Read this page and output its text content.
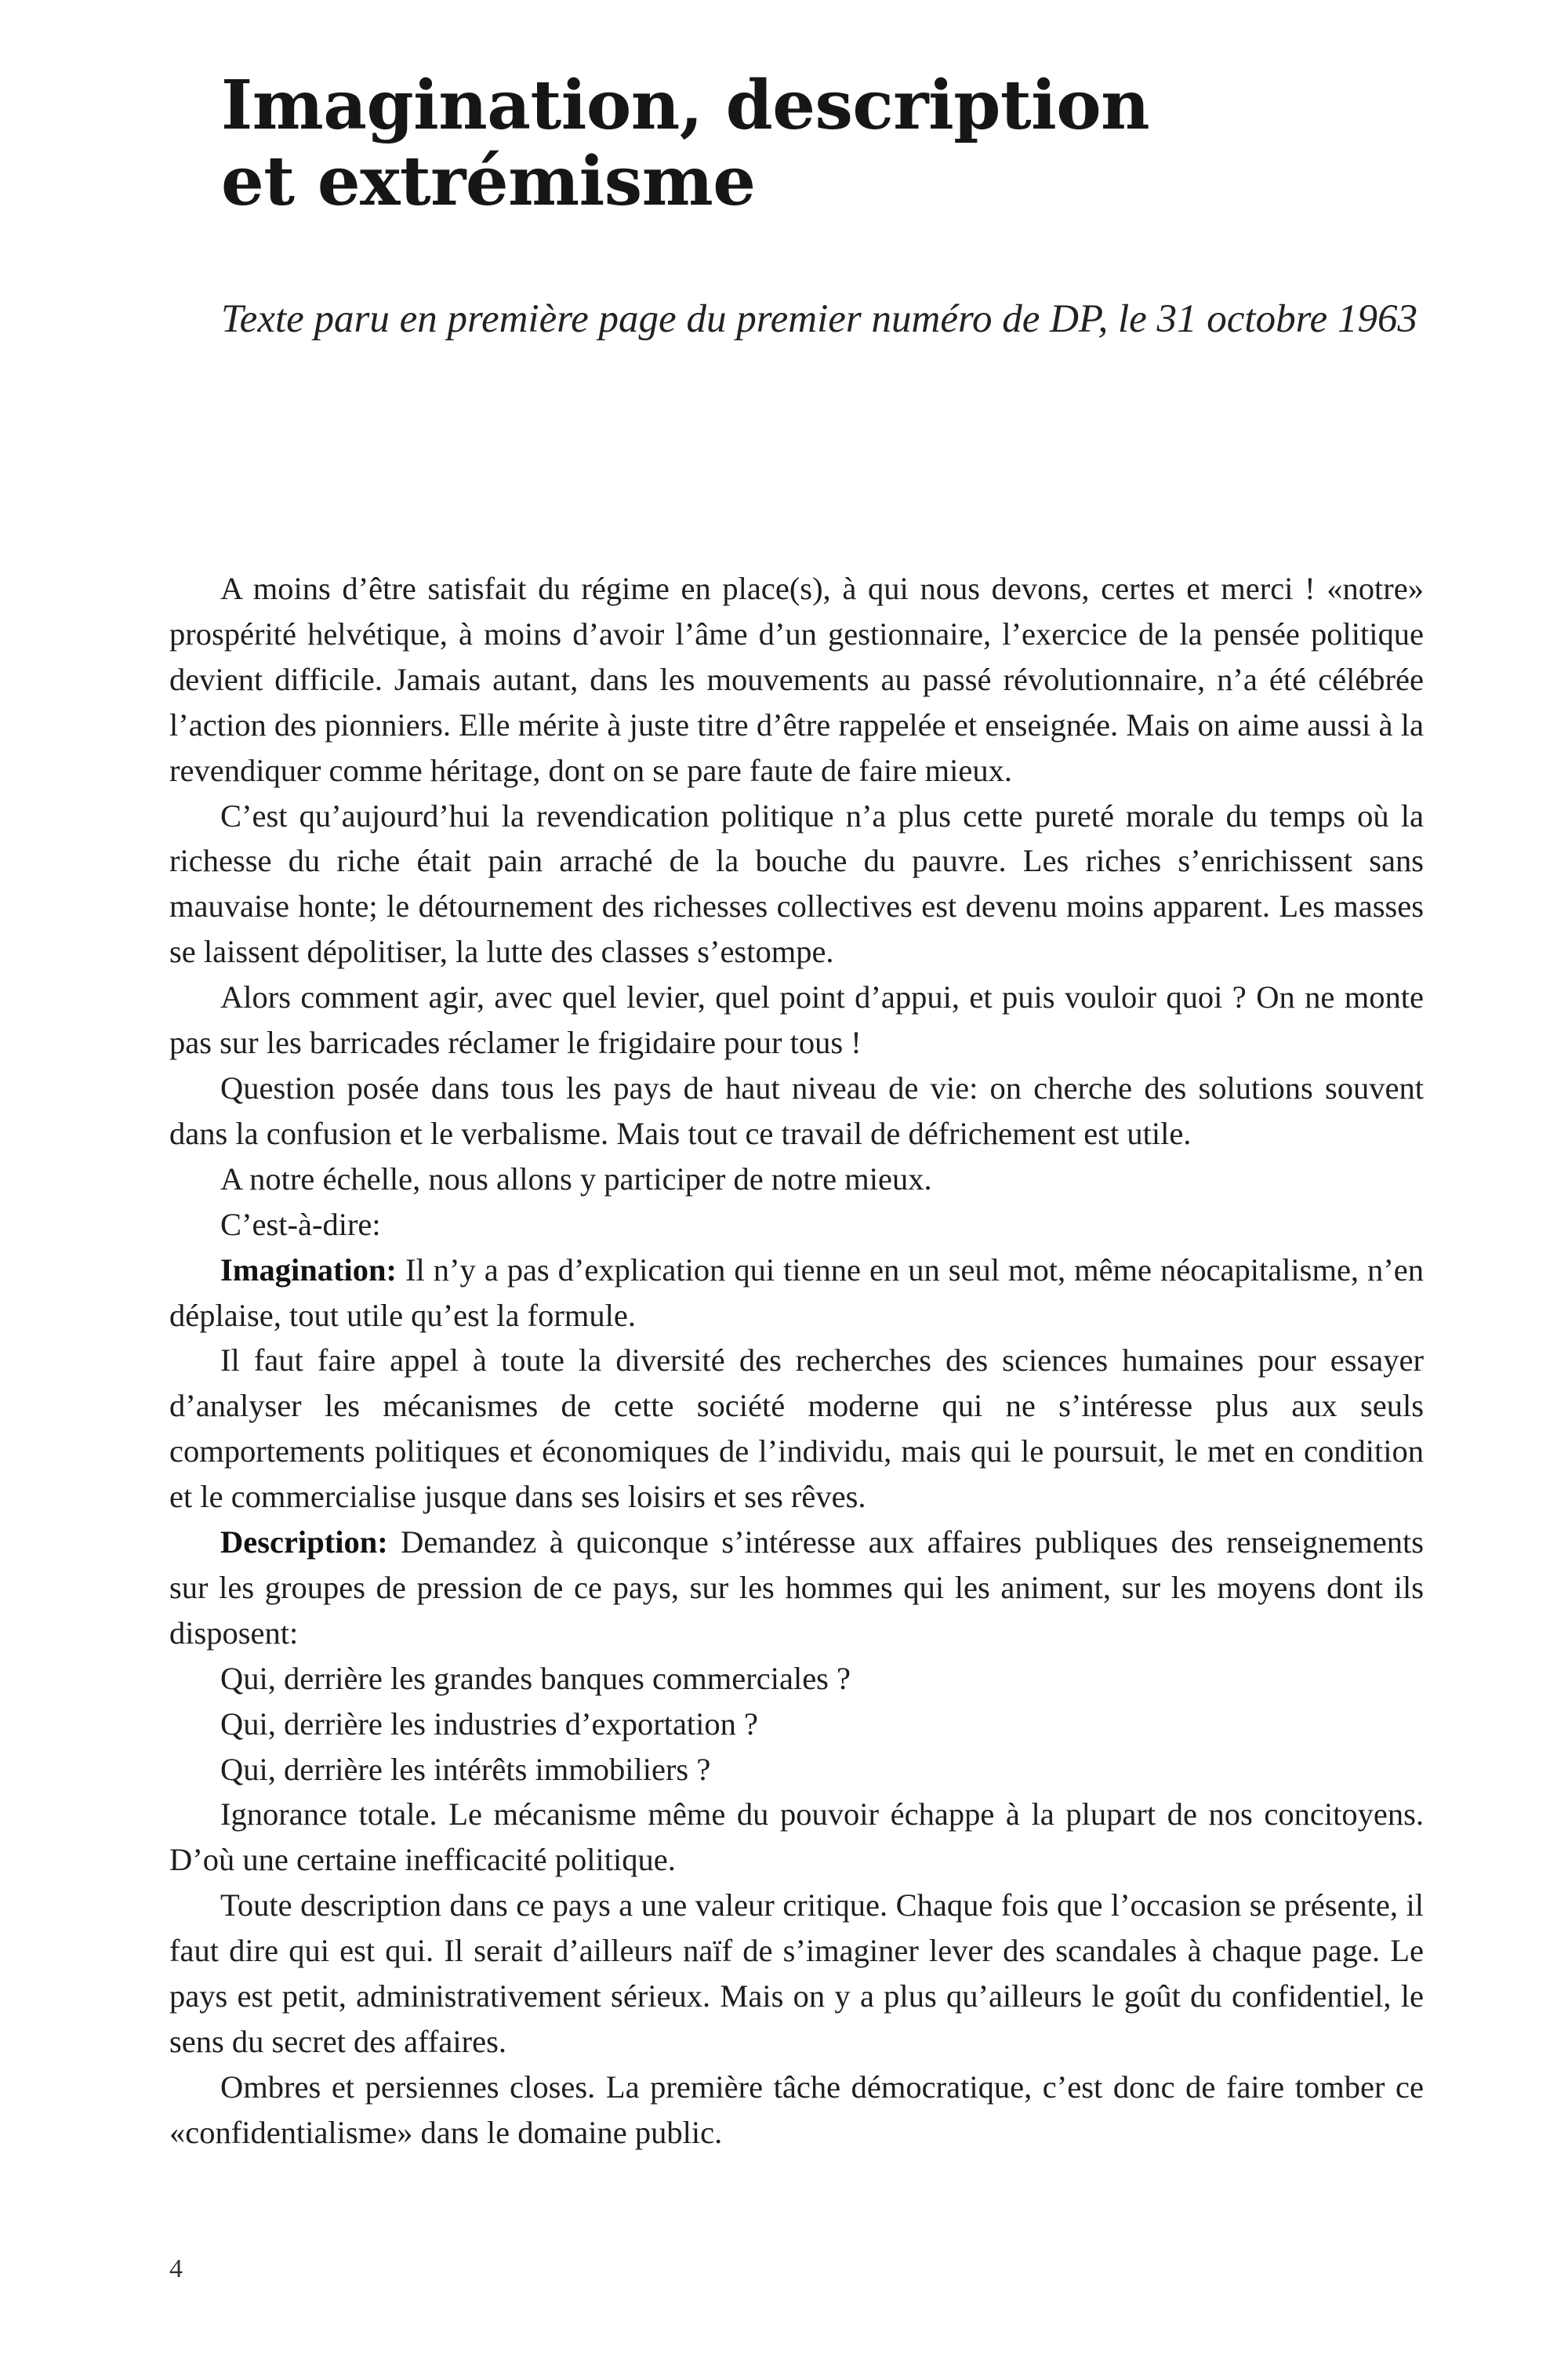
Imagination, description
et extrémisme

Texte paru en première page du premier numéro de DP, le 31 octobre 1963

A moins d’être satisfait du régime en place(s), à qui nous devons, certes et merci ! «notre» prospérité helvétique, à moins d’avoir l’âme d’un gestionnaire, l’exercice de la pensée politique devient difficile. Jamais autant, dans les mouvements au passé révolutionnaire, n’a été célébrée l’action des pionniers. Elle mérite à juste titre d’être rappelée et enseignée. Mais on aime aussi à la revendiquer comme héritage, dont on se pare faute de faire mieux.

C’est qu’aujourd’hui la revendication politique n’a plus cette pureté morale du temps où la richesse du riche était pain arraché de la bouche du pauvre. Les riches s’enrichissent sans mauvaise honte; le détournement des richesses collectives est devenu moins apparent. Les masses se laissent dépolitiser, la lutte des classes s’estompe.

Alors comment agir, avec quel levier, quel point d’appui, et puis vouloir quoi ? On ne monte pas sur les barricades réclamer le frigidaire pour tous !

Question posée dans tous les pays de haut niveau de vie: on cherche des solutions souvent dans la confusion et le verbalisme. Mais tout ce travail de défrichement est utile.

A notre échelle, nous allons y participer de notre mieux.

C’est-à-dire:

Imagination: Il n’y a pas d’explication qui tienne en un seul mot, même néocapitalisme, n’en déplaise, tout utile qu’est la formule.

Il faut faire appel à toute la diversité des recherches des sciences humaines pour essayer d’analyser les mécanismes de cette société moderne qui ne s’intéresse plus aux seuls comportements politiques et économiques de l’individu, mais qui le poursuit, le met en condition et le commercialise jusque dans ses loisirs et ses rêves.

Description: Demandez à quiconque s’intéresse aux affaires publiques des renseignements sur les groupes de pression de ce pays, sur les hommes qui les animent, sur les moyens dont ils disposent:

Qui, derrière les grandes banques commerciales ?

Qui, derrière les industries d’exportation ?

Qui, derrière les intérêts immobiliers ?

Ignorance totale. Le mécanisme même du pouvoir échappe à la plupart de nos concitoyens. D’où une certaine inefficacité politique.

Toute description dans ce pays a une valeur critique. Chaque fois que l’occasion se présente, il faut dire qui est qui. Il serait d’ailleurs naïf de s’imaginer lever des scandales à chaque page. Le pays est petit, administrativement sérieux. Mais on y a plus qu’ailleurs le goût du confidentiel, le sens du secret des affaires.

Ombres et persiennes closes. La première tâche démocratique, c’est donc de faire tomber ce «confidentialisme» dans le domaine public.

4
